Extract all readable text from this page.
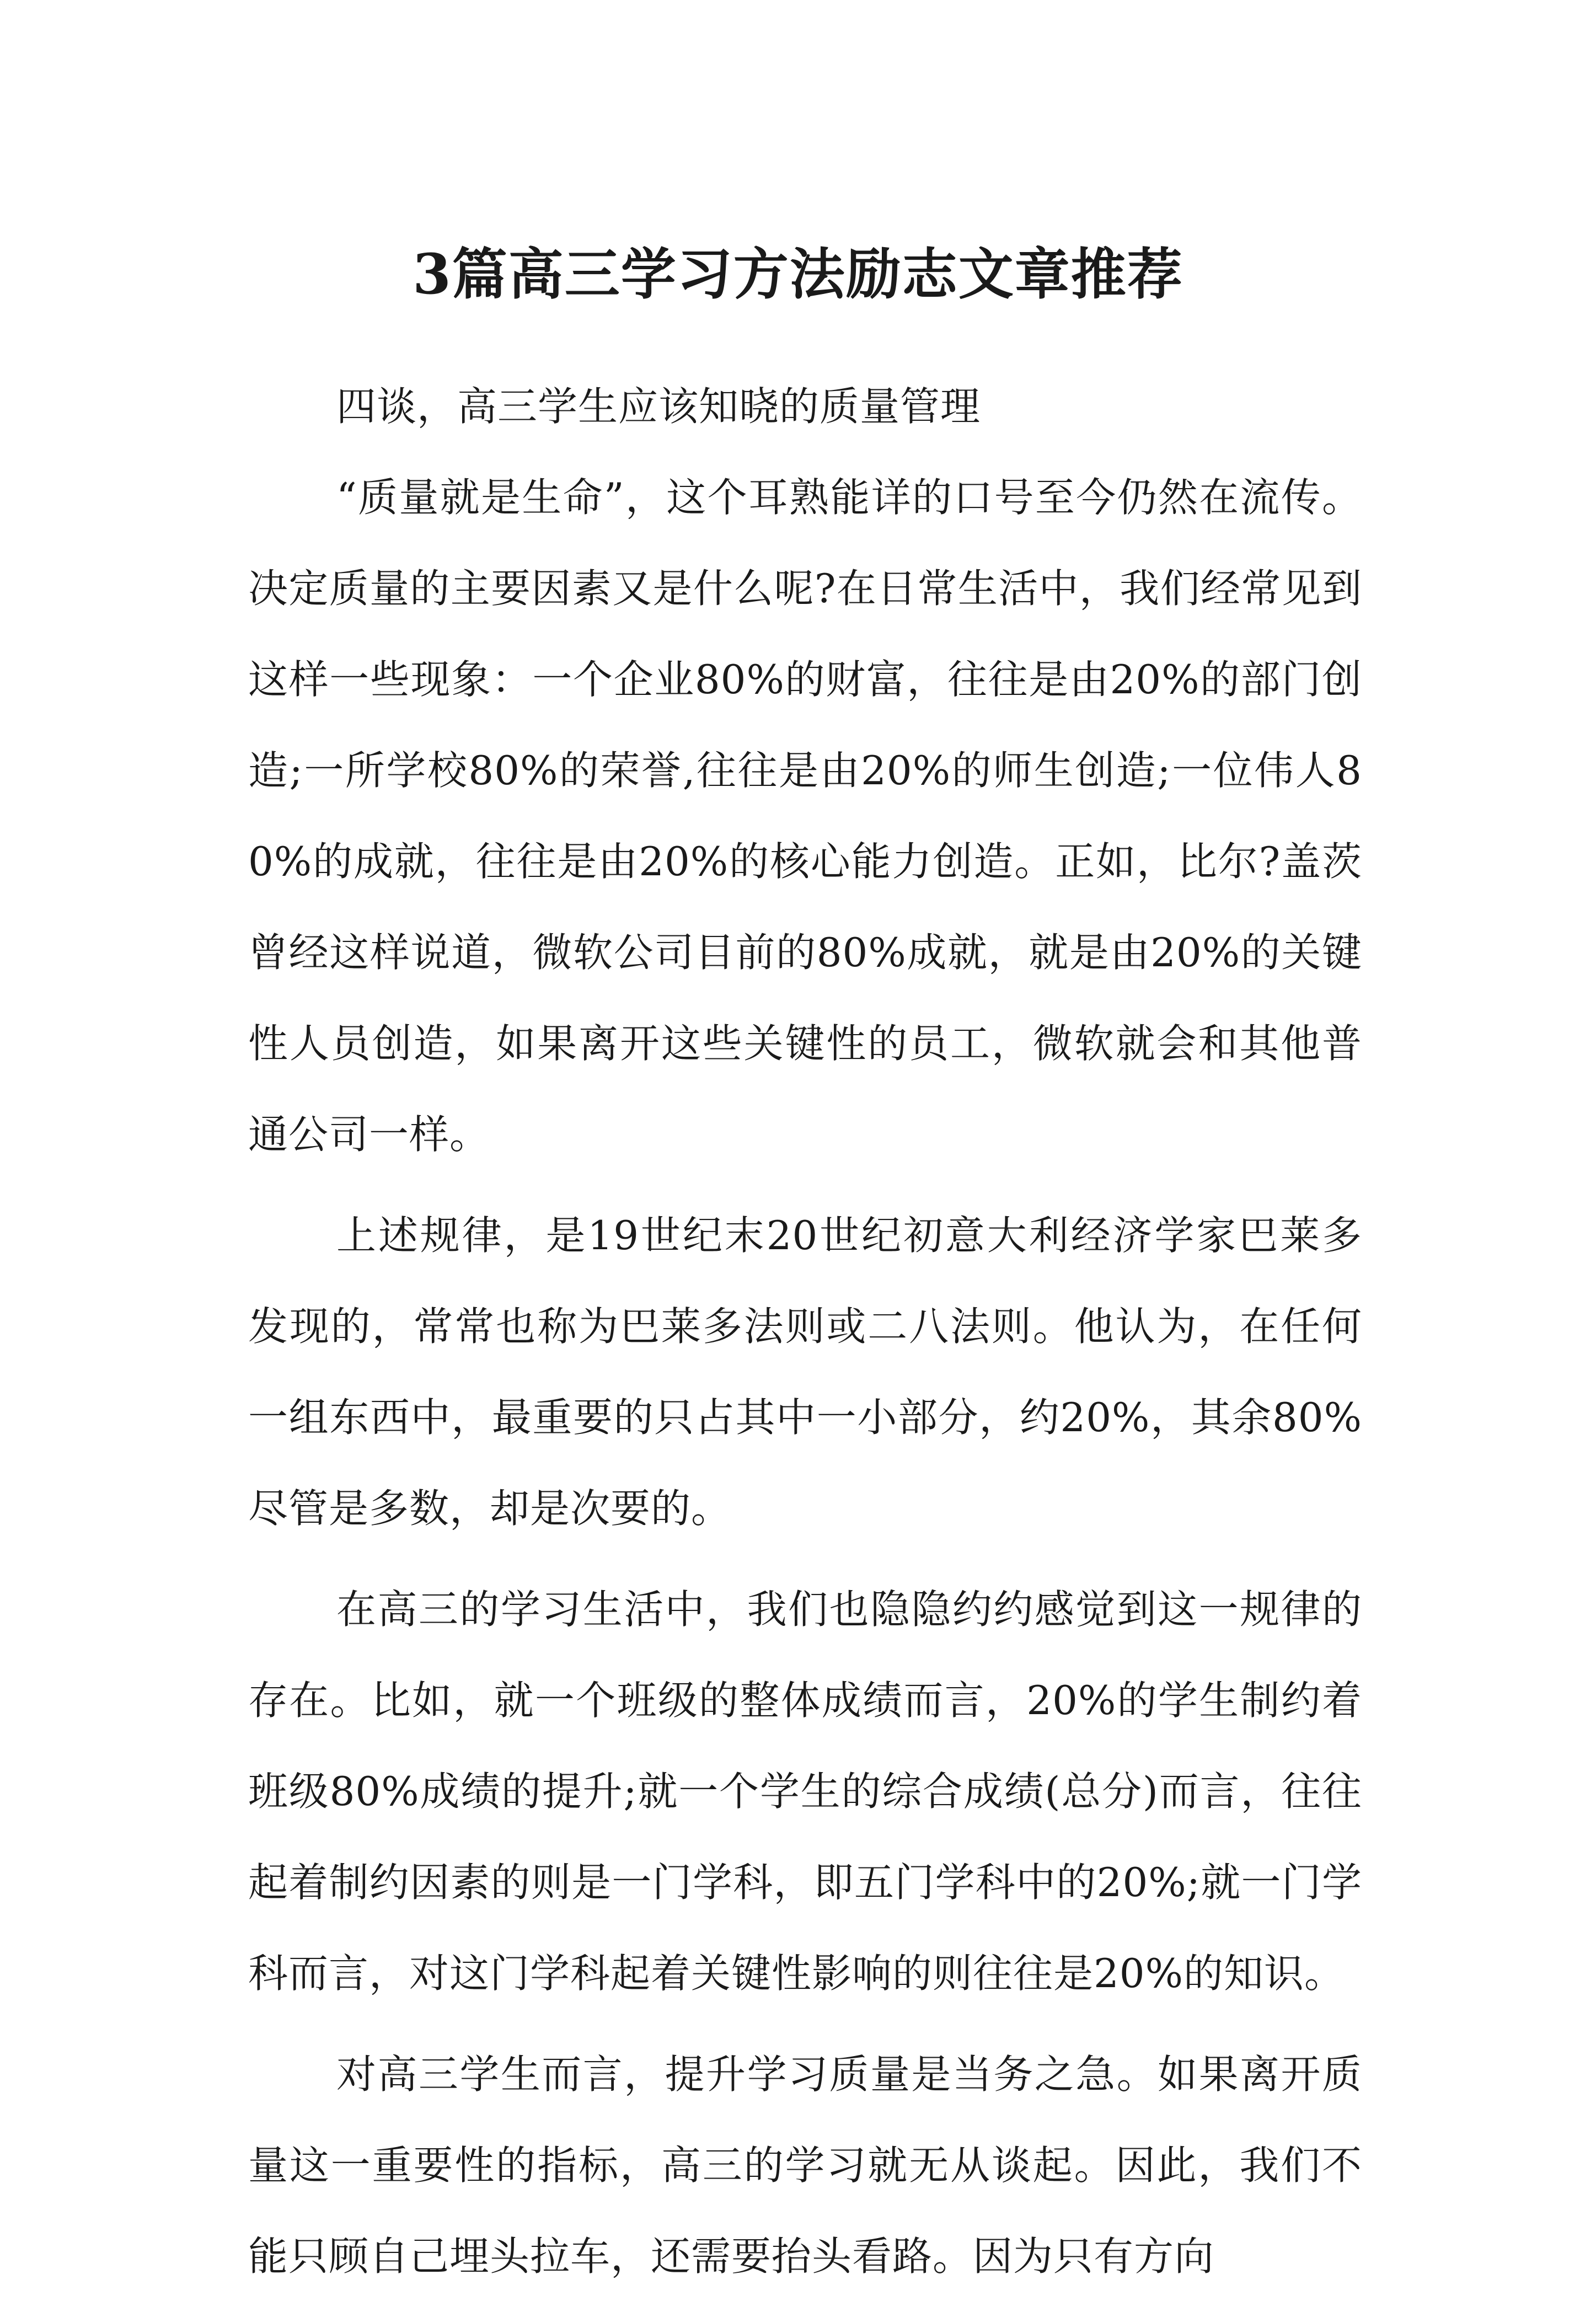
3篇高三学习方法励志文章推荐

四谈，高三学生应该知晓的质量管理

“质量就是生命”，这个耳熟能详的口号至今仍然在流传。决定质量的主要因素又是什么呢?在日常生活中，我们经常见到这样一些现象：一个企业80%的财富，往往是由20%的部门创造;一所学校80%的荣誉,往往是由20%的师生创造;一位伟人80%的成就，往往是由20%的核心能力创造。正如，比尔?盖茨曾经这样说道，微软公司目前的80%成就，就是由20%的关键性人员创造，如果离开这些关键性的员工，微软就会和其他普通公司一样。

上述规律，是19世纪末20世纪初意大利经济学家巴莱多发现的，常常也称为巴莱多法则或二八法则。他认为，在任何一组东西中，最重要的只占其中一小部分，约20%，其余80%尽管是多数，却是次要的。

在高三的学习生活中，我们也隐隐约约感觉到这一规律的存在。比如，就一个班级的整体成绩而言，20%的学生制约着班级80%成绩的提升;就一个学生的综合成绩(总分)而言，往往起着制约因素的则是一门学科，即五门学科中的20%;就一门学科而言，对这门学科起着关键性影响的则往往是20%的知识。

对高三学生而言，提升学习质量是当务之急。如果离开质量这一重要性的指标，高三的学习就无从谈起。因此，我们不能只顾自己埋头拉车，还需要抬头看路。因为只有方向
